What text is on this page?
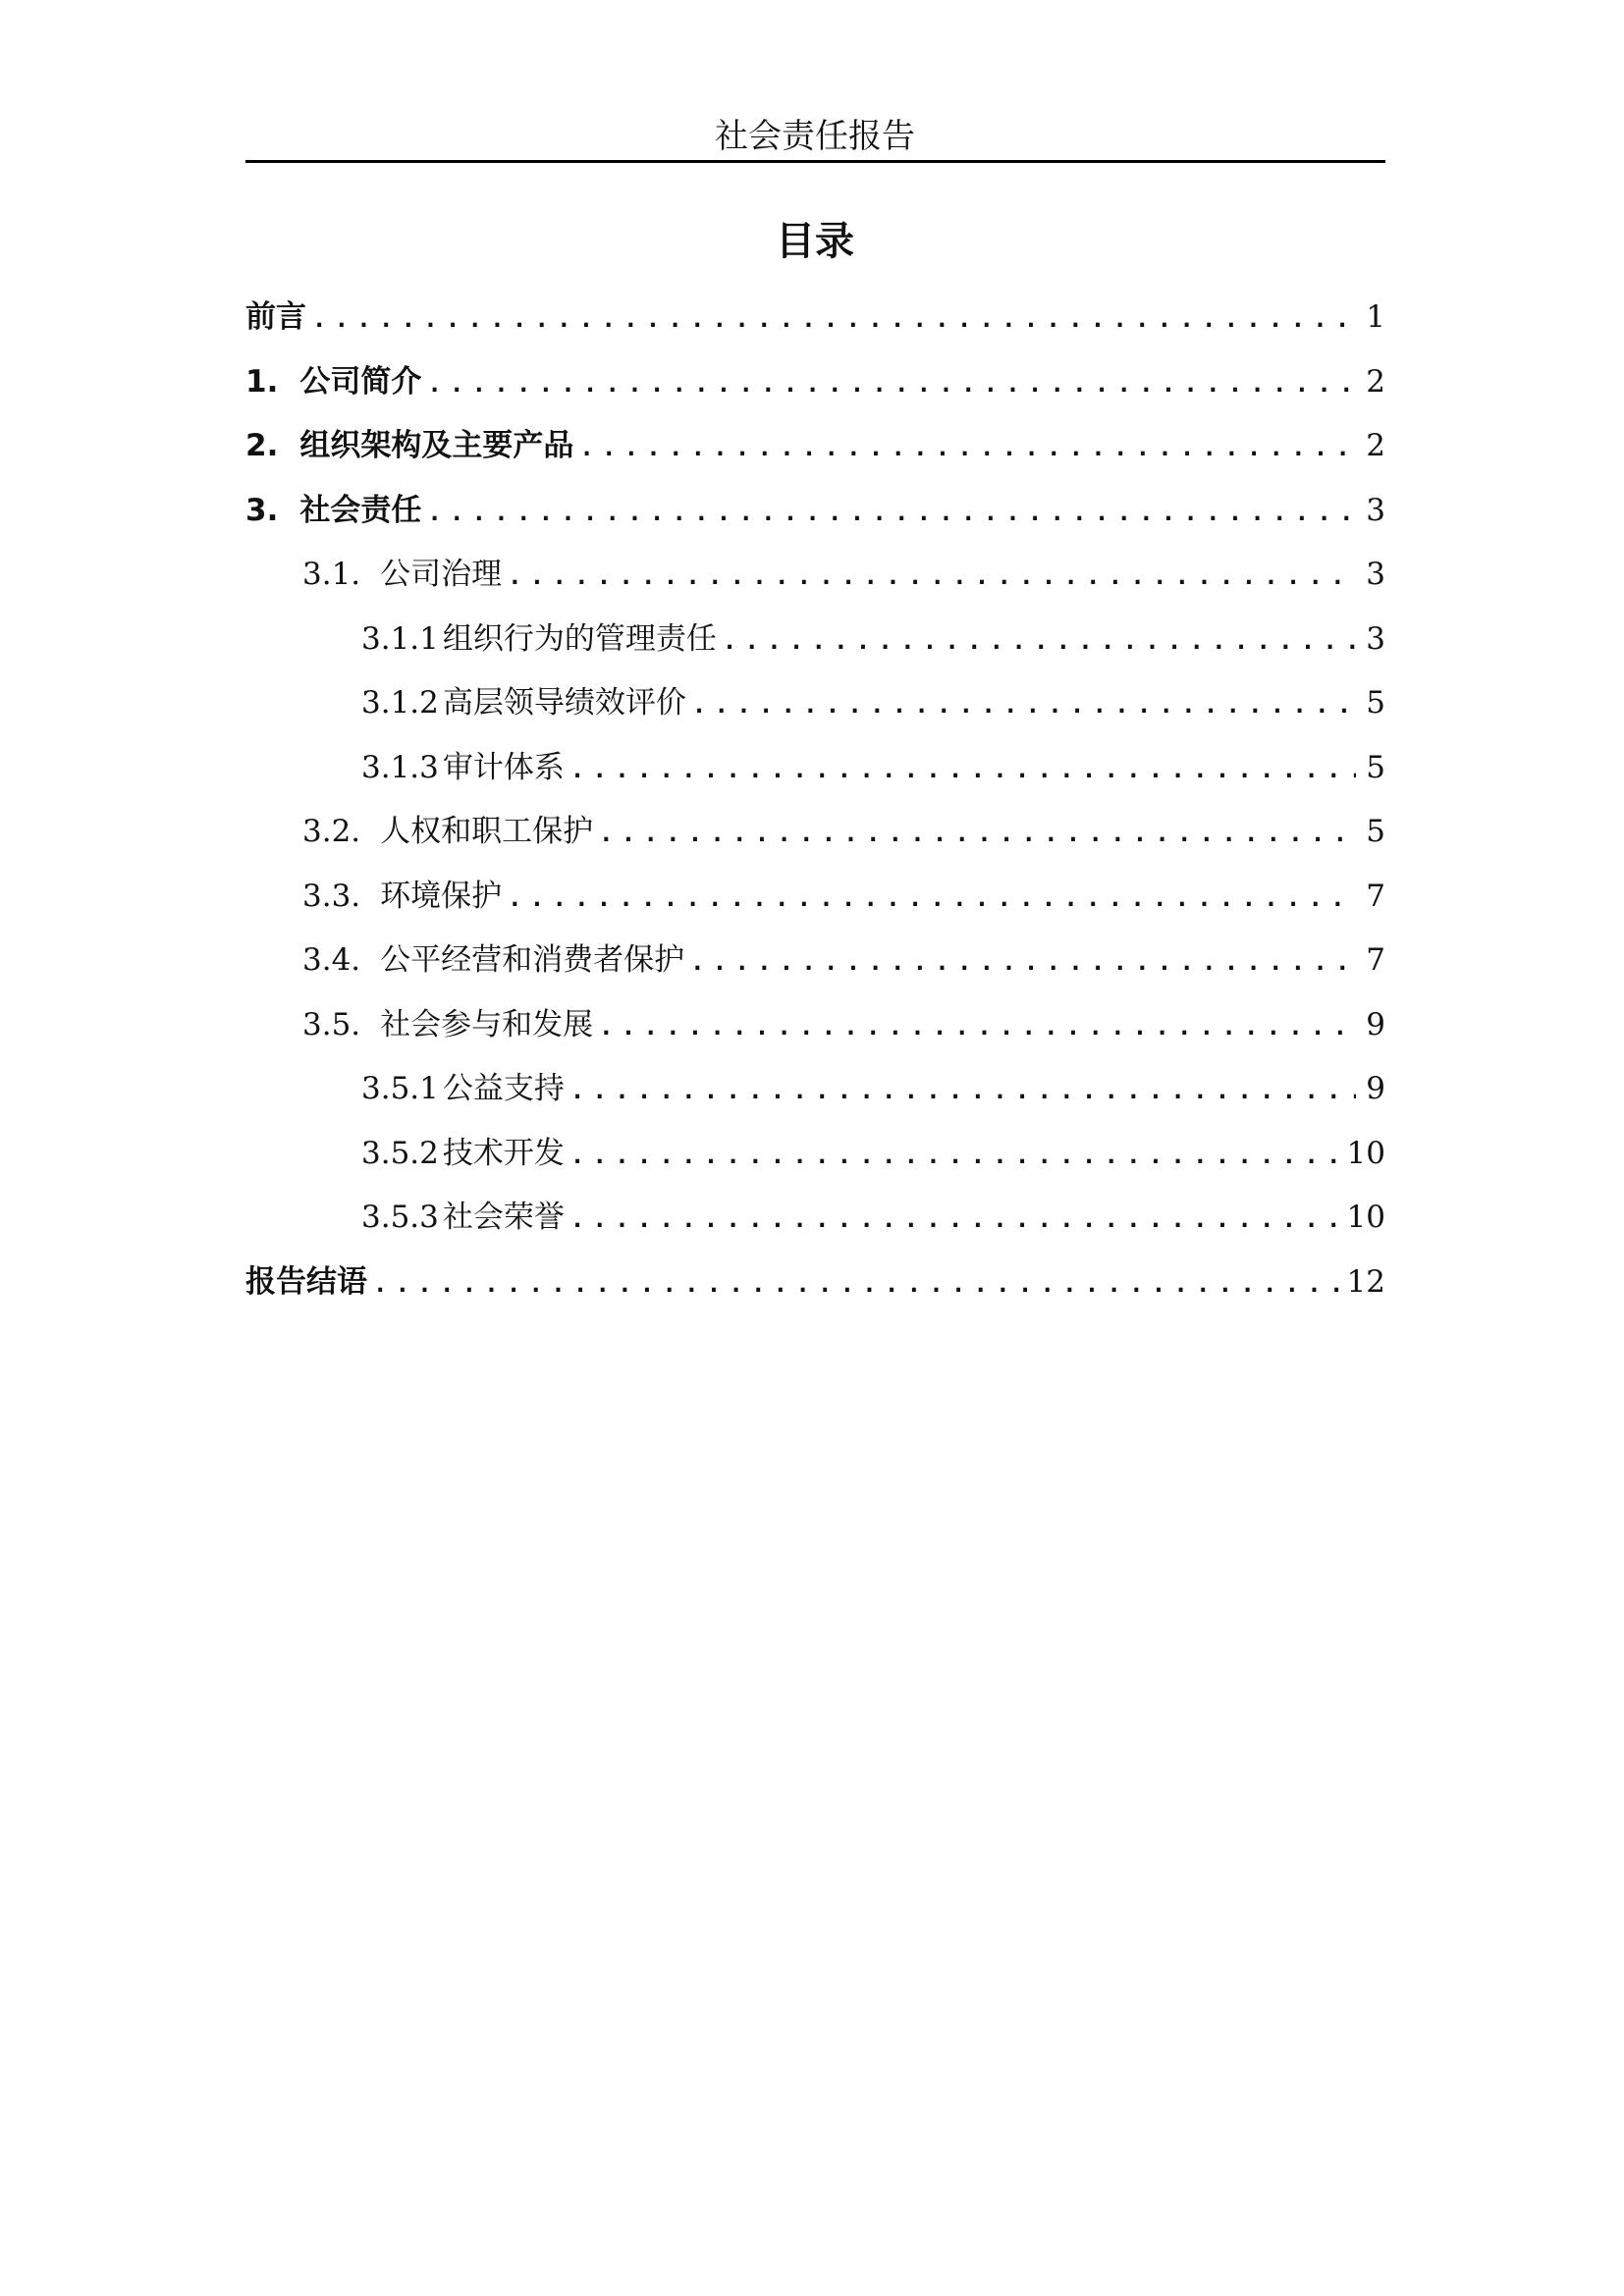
社会责任报告
目录
前言 .....	1
1. 公司简介 .....	2
2. 组织架构及主要产品 .....	2
3. 社会责任 .....	3
3.1. 公司治理 .....	3
3.1.1 组织行为的管理责任 .....	3
3.1.2 高层领导绩效评价 .....	5
3.1.3 审计体系 .....	5
3.2. 人权和职工保护 .....	5
3.3. 环境保护 .....	7
3.4. 公平经营和消费者保护 .....	7
3.5. 社会参与和发展 .....	9
3.5.1 公益支持 .....	9
3.5.2 技术开发 .....	10
3.5.3 社会荣誉 .....	10
报告结语 .....	12
